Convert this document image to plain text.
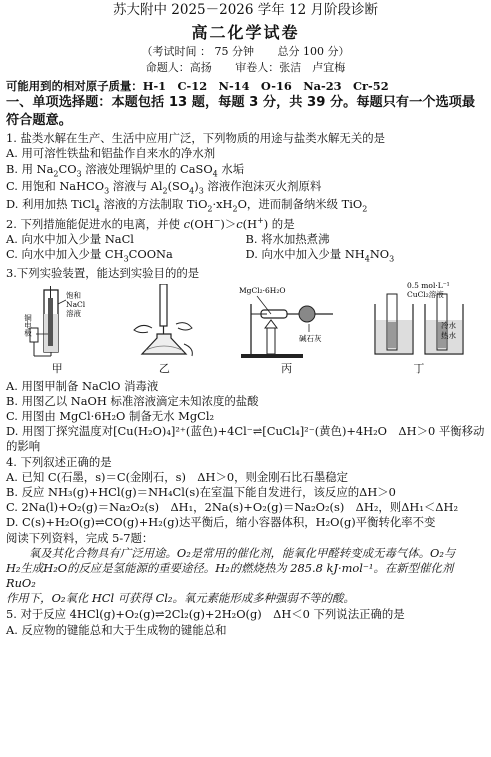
苏大附中 2025－2026 学年 12 月阶段诊断
高二化学试卷
（考试时间 ： 75 分钟 总分 100 分）
命题人：高扬 审卷人：张洁　卢宜梅
可能用到的相对原子质量：H-1　C-12　N-14　O-16　Na-23　Cr-52
一、单项选择题：本题包括 13 题，每题 3 分，共 39 分。每题只有一个选项最
符合题意。
1. 盐类水解在生产、生活中应用广泛，下列物质的用途与盐类水解无关的是
A. 用可溶性铁盐和铝盐作自来水的净水剂
B. 用 $Na_2CO_3$ 溶液处理锅炉里的 CaSO$_4$ 水垢
C. 用饱和 NaHCO$_3$ 溶液与 $Al_2(SO_4)_3$ 溶液作泡沫灭火剂原料
D. 利用加热 TiCl$_4$ 溶液的方法制取 $TiO_2\cdot xH_2O$，进而制备纳米级 TiO$_2$
2. 下列措施能促进水的电离，并使 c(OH−)＞c(H+) 的是
A. 向水中加入少量 NaCl	B. 将水加热煮沸
C. 向水中加入少量 $CH_3COONa$	D. 向水中加入少量 $NH_4NO_3$
3.下列实验装置，能达到实验目的的是
饱和
NaCl
溶液
铜电极
甲	乙
MgCl₂·6H₂O
碱石灰
丙
0.5 mol·L⁻¹
CuCl₂溶液
冷水
热水
丁
A. 用图甲制备 NaClO 消毒液
B. 用图乙以 NaOH 标准溶液滴定未知浓度的盐酸
C. 用图由 MgCl·6H₂O 制备无水 MgCl₂
D. 用图丁探究温度对[Cu(H₂O)₄]²⁺(蓝色)+4Cl⁻⇌[CuCl₄]²⁻(黄色)+4H₂O　ΔH＞0 平衡移动
的影响
4. 下列叙述正确的是
A. 已知 C(石墨，s)＝C(金刚石，s)　ΔH＞0，则金刚石比石墨稳定
B. 反应 NH₃(g)+HCl(g)＝NH₄Cl(s)在室温下能自发进行，该反应的ΔH＞0
C. 2Na(l)+O₂(g)＝Na₂O₂(s)　ΔH₁，2Na(s)+O₂(g)＝Na₂O₂(s)　ΔH₂，则ΔH₁＜ΔH₂
D. C(s)+H₂O(g)⇌CO(g)+H₂(g)达平衡后，缩小容器体积，H₂O(g)平衡转化率不变
阅读下列资料，完成 5-7题：
氧及其化合物具有广泛用途。O₂是常用的催化剂，能氧化甲醛转变成无毒气体。O₂与
H₂生成H₂O的反应是氢能源的重要途径。H₂的燃烧热为 285.8 kJ·mol⁻¹。在新型催化剂 RuO₂
作用下，O₂氧化 HCl 可获得 Cl₂。氧元素能形成多种强弱不等的酸。
5. 对于反应 4HCl(g)+O₂(g)⇌2Cl₂(g)+2H₂O(g)　ΔH＜0 下列说法正确的是
A. 反应物的键能总和大于生成物的键能总和
